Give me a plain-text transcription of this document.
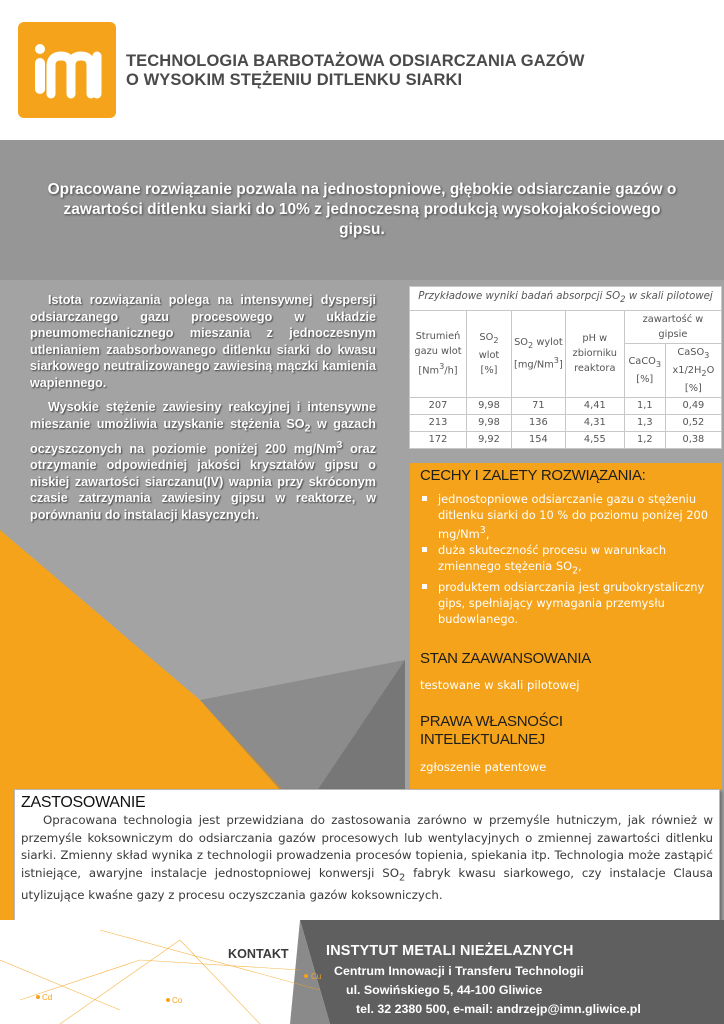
TECHNOLOGIA BARBOTAŻOWA ODSIARCZANIA GAZÓW
O WYSOKIM STĘŻENIU DITLENKU SIARKI
Opracowane rozwiązanie pozwala na jednostopniowe, głębokie odsiarczanie gazów o zawartości ditlenku siarki do 10% z jednoczesną produkcją wysokojakościowego gipsu.

Istota rozwiązania polega na intensywnej dyspersji odsiarczanego gazu procesowego w układzie pneumomechanicznego mieszania z jednoczesnym utlenianiem zaabsorbowanego ditlenku siarki do kwasu siarkowego neutralizowanego zawiesiną mączki kamienia wapiennego.

Wysokie stężenie zawiesiny reakcyjnej i intensywne mieszanie umożliwia uzyskanie stężenia $SO_2$ w gazach oczyszczonych na poziomie poniżej 200 mg/Nm$^3$ oraz otrzymanie odpowiedniej jakości kryształów gipsu o niskiej zawartości siarczanu(IV) wapnia przy skróconym czasie zatrzymania zawiesiny gipsu w reaktorze, w porównaniu do instalacji klasycznych.

Przykładowe wyniki badań absorpcji $SO_2$ w skali pilotowej					
Strumień gazu wlot [Nm$^3$/h]	$SO_2$ wlot [%]	$SO_2$ wylot [mg/Nm$^3$]	pH w zbiorniku reaktora	zawartość w gipsie	
				CaCO$_3$ [%]	CaSO$_3$ $x1/2H_2O$ [%]
207	9,98	71	4,41	1,1	0,49
213	9,98	136	4,31	1,3	0,52
172	9,92	154	4,55	1,2	0,38
CECHY I ZALETY ROZWIĄZANIA:
jednostopniowe odsiarczanie gazu o stężeniu ditlenku siarki do 10 % do poziomu poniżej 200 mg/Nm$^3$,
duża skuteczność procesu w warunkach zmiennego stężenia $SO_2$,
produktem odsiarczania jest grubokrystaliczny gips, spełniający wymagania przemysłu budowlanego.
STAN ZAAWANSOWANIA
testowane w skali pilotowej
PRAWA WŁASNOŚCI INTELEKTUALNEJ
zgłoszenie patentowe
ZASTOSOWANIE
Opracowana technologia jest przewidziana do zastosowania zarówno w przemyśle hutniczym, jak również w przemyśle koksowniczym do odsiarczania gazów procesowych lub wentylacyjnych o zmiennej zawartości ditlenku siarki. Zmienny skład wynika z technologii prowadzenia procesów topienia, spiekania itp. Technologia może zastąpić istniejące, awaryjne instalacje jednostopniowej konwersji $SO_2$ fabryk kwasu siarkowego, czy instalacje Clausa utylizujące kwaśne gazy z procesu oczyszczania gazów koksowniczych.
Cd	Co
Cu
KONTAKT	INSTYTUT METALI NIEŻELAZNYCH
Centrum Innowacji i Transferu Technologii
ul. Sowińskiego 5, 44-100 Gliwice
tel. 32 2380 500, e-mail: andrzejp@imn.gliwice.pl
